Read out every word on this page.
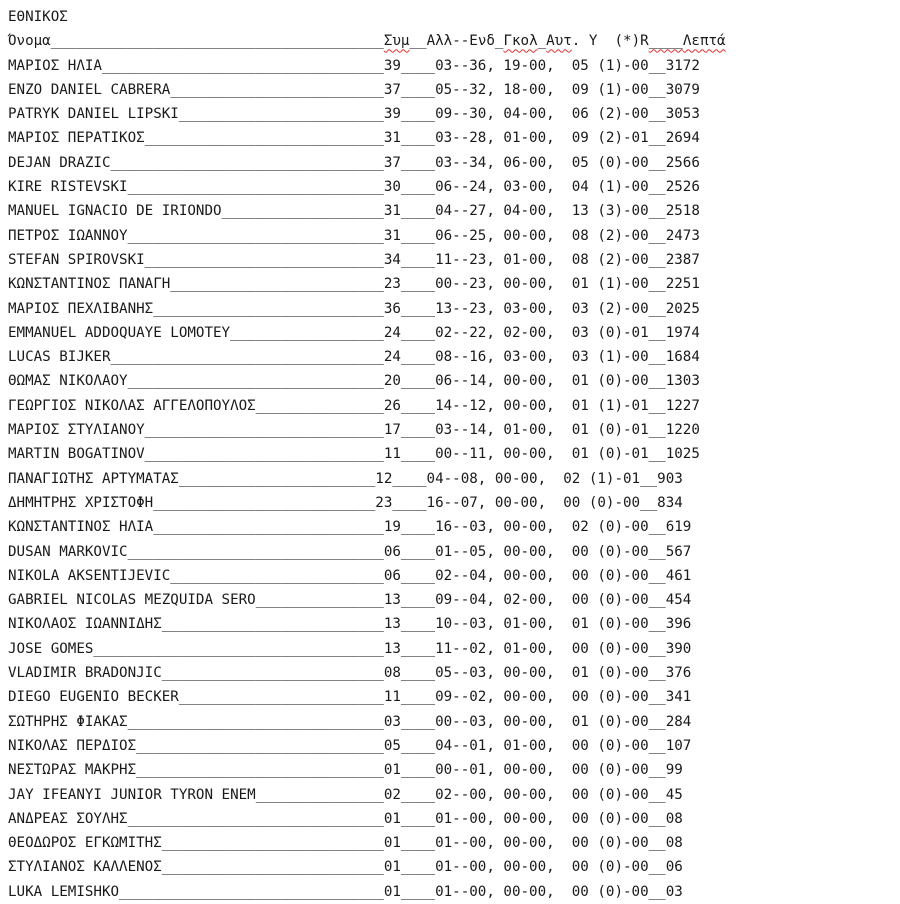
ΕΘΝΙΚΟΣ
Όνομα_______________________________________Συμ__Αλλ--Ενδ_Γκολ_Αυτ. Υ  (*)R____Λεπτά
ΜΑΡΙΟΣ ΗΛΙΑ_________________________________39____03--36, 19-00,  05 (1)-00__3172
ENZO DANIEL CABRERA_________________________37____05--32, 18-00,  09 (1)-00__3079
PATRYK DANIEL LIPSKI________________________39____09--30, 04-00,  06 (2)-00__3053
ΜΑΡΙΟΣ ΠΕΡΑΤΙΚΟΣ____________________________31____03--28, 01-00,  09 (2)-01__2694
DEJAN DRAZIC________________________________37____03--34, 06-00,  05 (0)-00__2566
KIRE RISTEVSKI______________________________30____06--24, 03-00,  04 (1)-00__2526
MANUEL IGNACIO DE IRIONDO___________________31____04--27, 04-00,  13 (3)-00__2518
ΠΕΤΡΟΣ ΙΩΑΝΝΟΥ______________________________31____06--25, 00-00,  08 (2)-00__2473
STEFAN SPIROVSKI____________________________34____11--23, 01-00,  08 (2)-00__2387
ΚΩΝΣΤΑΝΤΙΝΟΣ ΠΑΝΑΓΗ_________________________23____00--23, 00-00,  01 (1)-00__2251
ΜΑΡΙΟΣ ΠΕΧΛΙΒΑΝΗΣ___________________________36____13--23, 03-00,  03 (2)-00__2025
EMMANUEL ADDOQUAYE LOMOTEY__________________24____02--22, 02-00,  03 (0)-01__1974
LUCAS BIJKER________________________________24____08--16, 03-00,  03 (1)-00__1684
ΘΩΜΑΣ ΝΙΚΟΛΑΟΥ______________________________20____06--14, 00-00,  01 (0)-00__1303
ΓΕΩΡΓΙΟΣ ΝΙΚΟΛΑΣ ΑΓΓΕΛΟΠΟΥΛΟΣ_______________26____14--12, 00-00,  01 (1)-01__1227
ΜΑΡΙΟΣ ΣΤΥΛΙΑΝΟΥ____________________________17____03--14, 01-00,  01 (0)-01__1220
MARTIN BOGATINOV____________________________11____00--11, 00-00,  01 (0)-01__1025
ΠΑΝΑΓΙΩΤΗΣ ΑΡΤΥΜΑΤΑΣ_______________________12____04--08, 00-00,  02 (1)-01__903
ΔΗΜΗΤΡΗΣ ΧΡΙΣΤΟΦΗ__________________________23____16--07, 00-00,  00 (0)-00__834
ΚΩΝΣΤΑΝΤΙΝΟΣ ΗΛΙΑ___________________________19____16--03, 00-00,  02 (0)-00__619
DUSAN MARKOVIC______________________________06____01--05, 00-00,  00 (0)-00__567
NIKOLA AKSENTIJEVIC_________________________06____02--04, 00-00,  00 (0)-00__461
GABRIEL NICOLAS MEZQUIDA SERO_______________13____09--04, 02-00,  00 (0)-00__454
ΝΙΚΟΛΑΟΣ ΙΩΑΝΝΙΔΗΣ__________________________13____10--03, 01-00,  01 (0)-00__396
JOSE GOMES__________________________________13____11--02, 01-00,  00 (0)-00__390
VLADIMIR BRADONJIC__________________________08____05--03, 00-00,  01 (0)-00__376
DIEGO EUGENIO BECKER________________________11____09--02, 00-00,  00 (0)-00__341
ΣΩΤΗΡΗΣ ΦΙΑΚΑΣ______________________________03____00--03, 00-00,  01 (0)-00__284
ΝΙΚΟΛΑΣ ΠΕΡΔΙΟΣ_____________________________05____04--01, 01-00,  00 (0)-00__107
ΝΕΣΤΩΡΑΣ ΜΑΚΡΗΣ_____________________________01____00--01, 00-00,  00 (0)-00__99
JAY IFEANYI JUNIOR TYRON ENEM_______________02____02--00, 00-00,  00 (0)-00__45
ΑΝΔΡΕΑΣ ΣΟΥΛΗΣ______________________________01____01--00, 00-00,  00 (0)-00__08
ΘΕΟΔΩΡΟΣ ΕΓΚΩΜΙΤΗΣ__________________________01____01--00, 00-00,  00 (0)-00__08
ΣΤΥΛΙΑΝΟΣ ΚΑΛΛΕΝΟΣ__________________________01____01--00, 00-00,  00 (0)-00__06
LUKA LEMISHKO_______________________________01____01--00, 00-00,  00 (0)-00__03
